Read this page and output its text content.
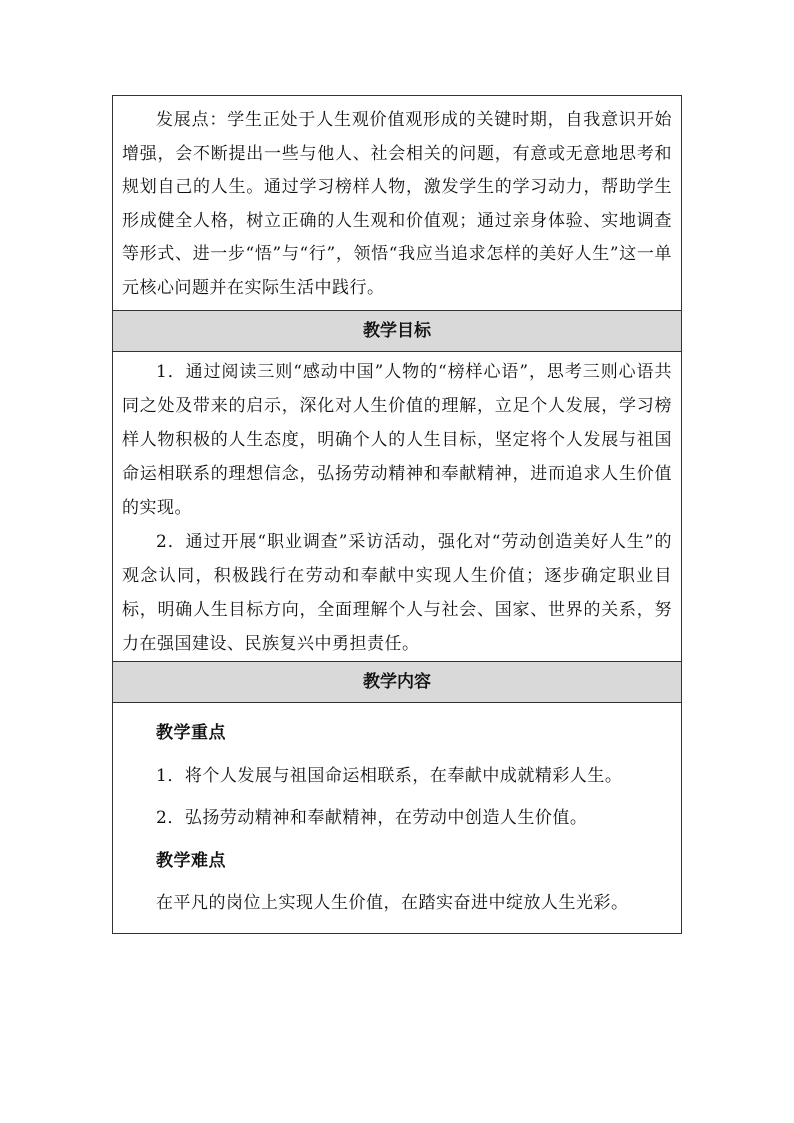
发展点：学生正处于人生观价值观形成的关键时期，自我意识开始增强，会不断提出一些与他人、社会相关的问题，有意或无意地思考和规划自己的人生。通过学习榜样人物，激发学生的学习动力，帮助学生形成健全人格，树立正确的人生观和价值观；通过亲身体验、实地调查等形式、进一步“悟”与“行”，领悟“我应当追求怎样的美好人生”这一单元核心问题并在实际生活中践行。

教学目标

1．通过阅读三则“感动中国”人物的“榜样心语”，思考三则心语共同之处及带来的启示，深化对人生价值的理解，立足个人发展，学习榜样人物积极的人生态度，明确个人的人生目标，坚定将个人发展与祖国命运相联系的理想信念，弘扬劳动精神和奉献精神，进而追求人生价值的实现。

2．通过开展“职业调查”采访活动，强化对“劳动创造美好人生”的观念认同，积极践行在劳动和奉献中实现人生价值；逐步确定职业目标，明确人生目标方向，全面理解个人与社会、国家、世界的关系，努力在强国建设、民族复兴中勇担责任。

教学内容

教学重点

1．将个人发展与祖国命运相联系，在奉献中成就精彩人生。

2．弘扬劳动精神和奉献精神，在劳动中创造人生价值。

教学难点

在平凡的岗位上实现人生价值，在踏实奋进中绽放人生光彩。
